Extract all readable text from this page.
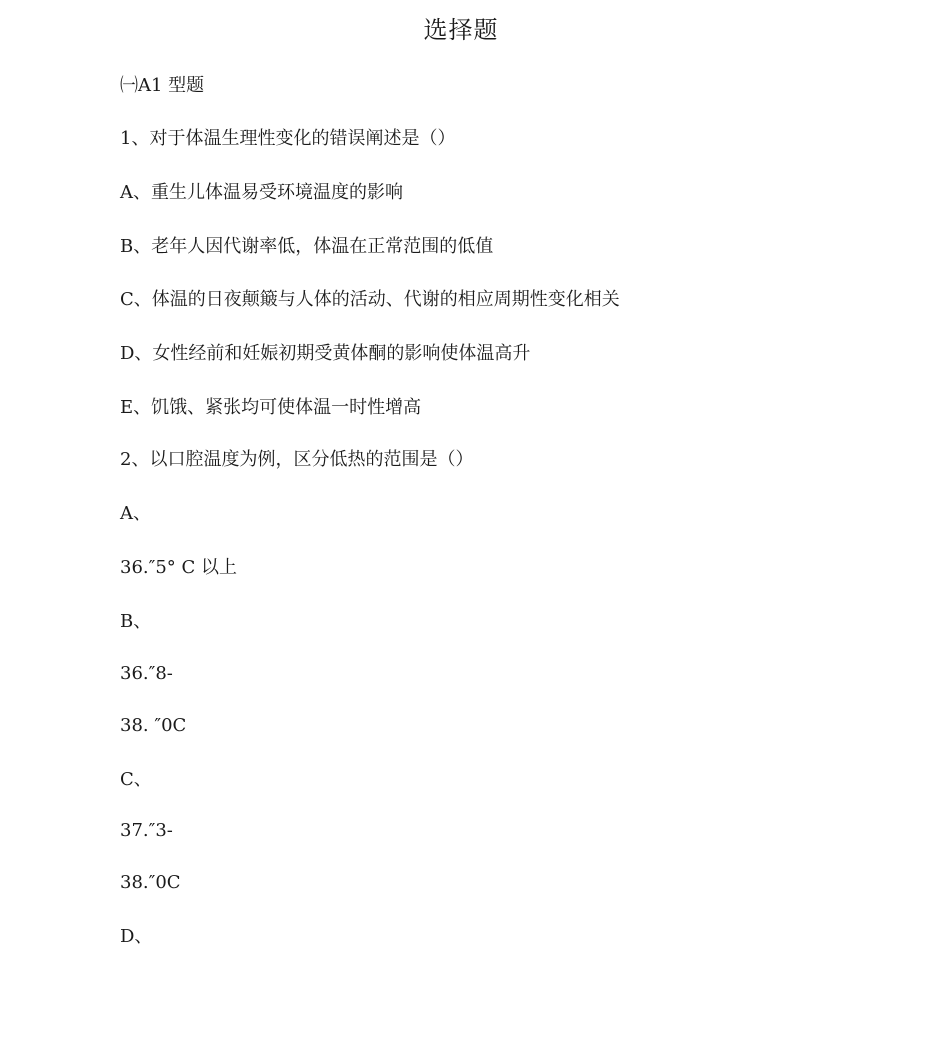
选择题
㈠A1 型题
1、对于体温生理性变化的错误阐述是（）
A、重生儿体温易受环境温度的影响
B、老年人因代谢率低，体温在正常范围的低值
C、体温的日夜颠簸与人体的活动、代谢的相应周期性变化相关
D、女性经前和妊娠初期受黄体酮的影响使体温高升
E、饥饿、紧张均可使体温一时性增高
2、以口腔温度为例，区分低热的范围是（）
A、
36.″5° C 以上
B、
36.″8-
38. ″0C
C、
37.″3-
38.″0C
D、
